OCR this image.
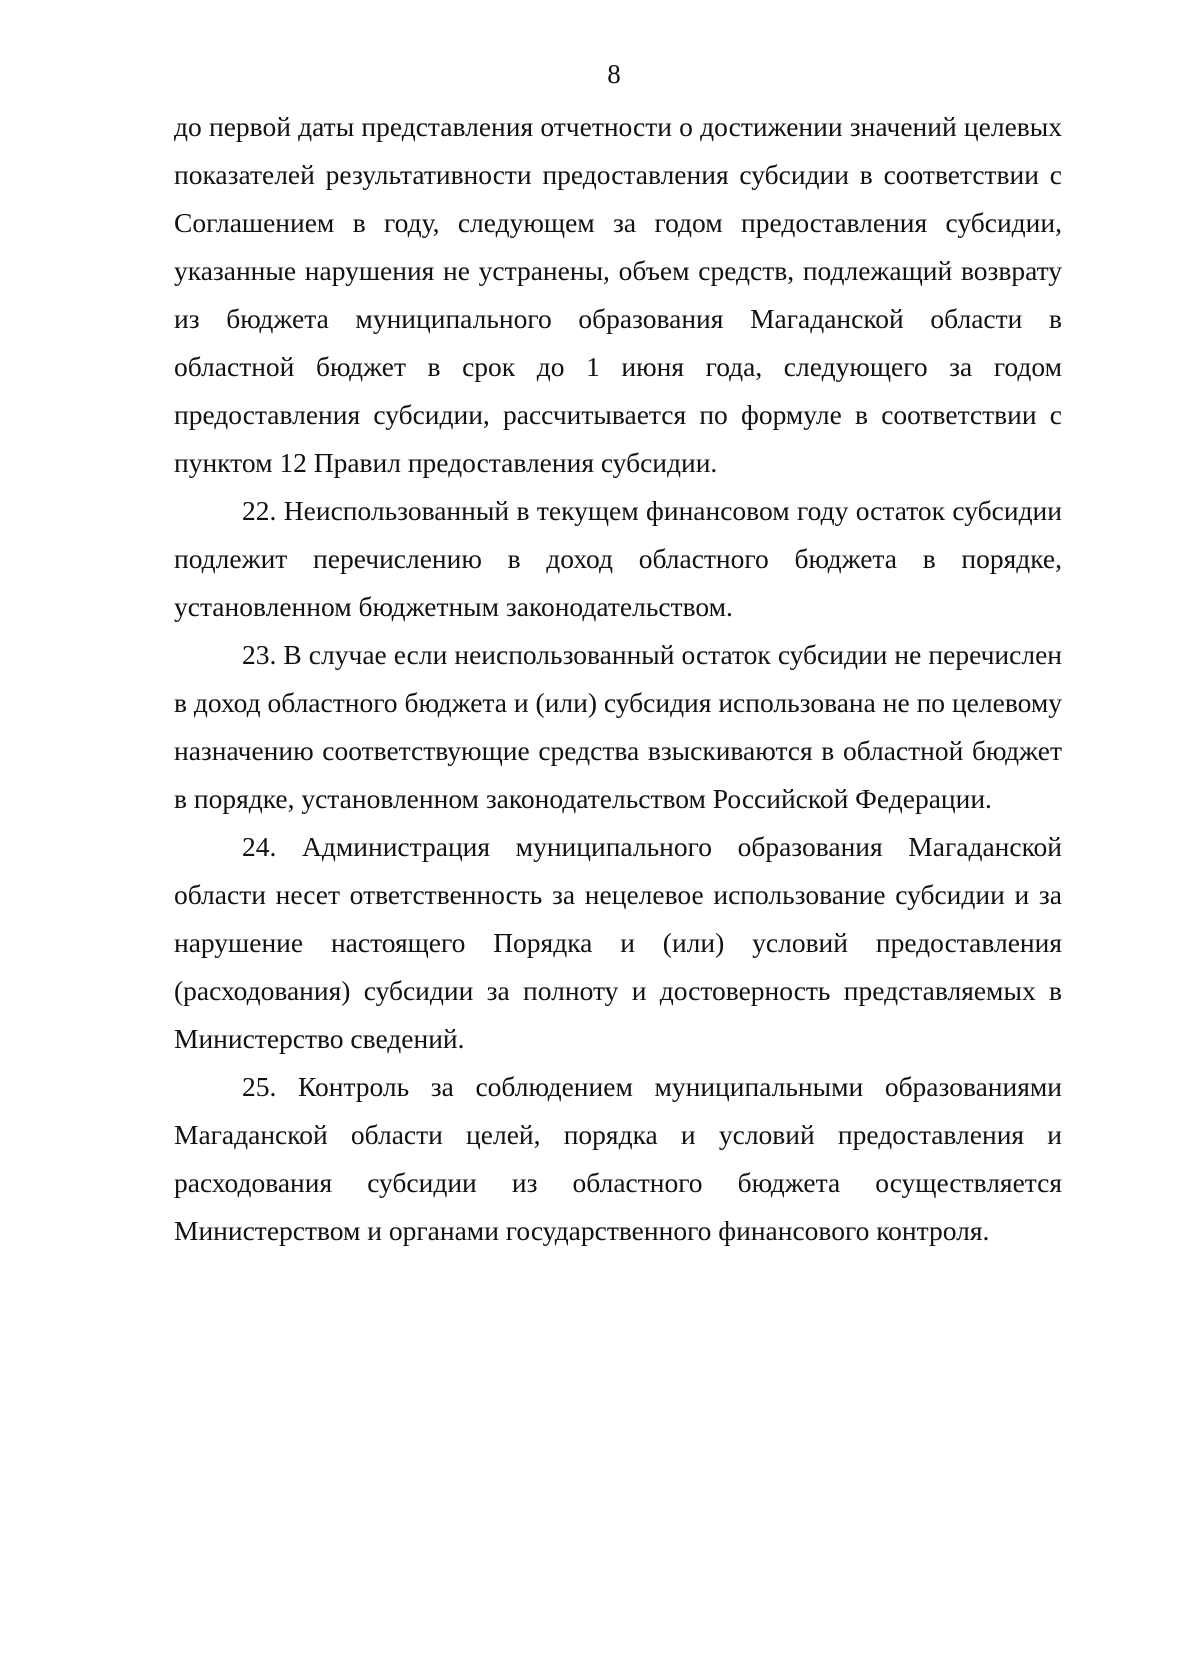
8

до первой даты представления отчетности о достижении значений целевых показателей результативности предоставления субсидии в соответствии с Соглашением в году, следующем за годом предоставления субсидии, указанные нарушения не устранены, объем средств, подлежащий возврату из бюджета муниципального образования Магаданской области в областной бюджет в срок до 1 июня года, следующего за годом предоставления субсидии, рассчитывается по формуле в соответствии с пунктом 12 Правил предоставления субсидии.

22. Неиспользованный в текущем финансовом году остаток субсидии подлежит перечислению в доход областного бюджета в порядке, установленном бюджетным законодательством.

23. В случае если неиспользованный остаток субсидии не перечислен в доход областного бюджета и (или) субсидия использована не по целевому назначению соответствующие средства взыскиваются в областной бюджет в порядке, установленном законодательством Российской Федерации.

24. Администрация муниципального образования Магаданской области несет ответственность за нецелевое использование субсидии и за нарушение настоящего Порядка и (или) условий предоставления (расходования) субсидии за полноту и достоверность представляемых в Министерство сведений.

25. Контроль за соблюдением муниципальными образованиями Магаданской области целей, порядка и условий предоставления и расходования субсидии из областного бюджета осуществляется Министерством и органами государственного финансового контроля.
